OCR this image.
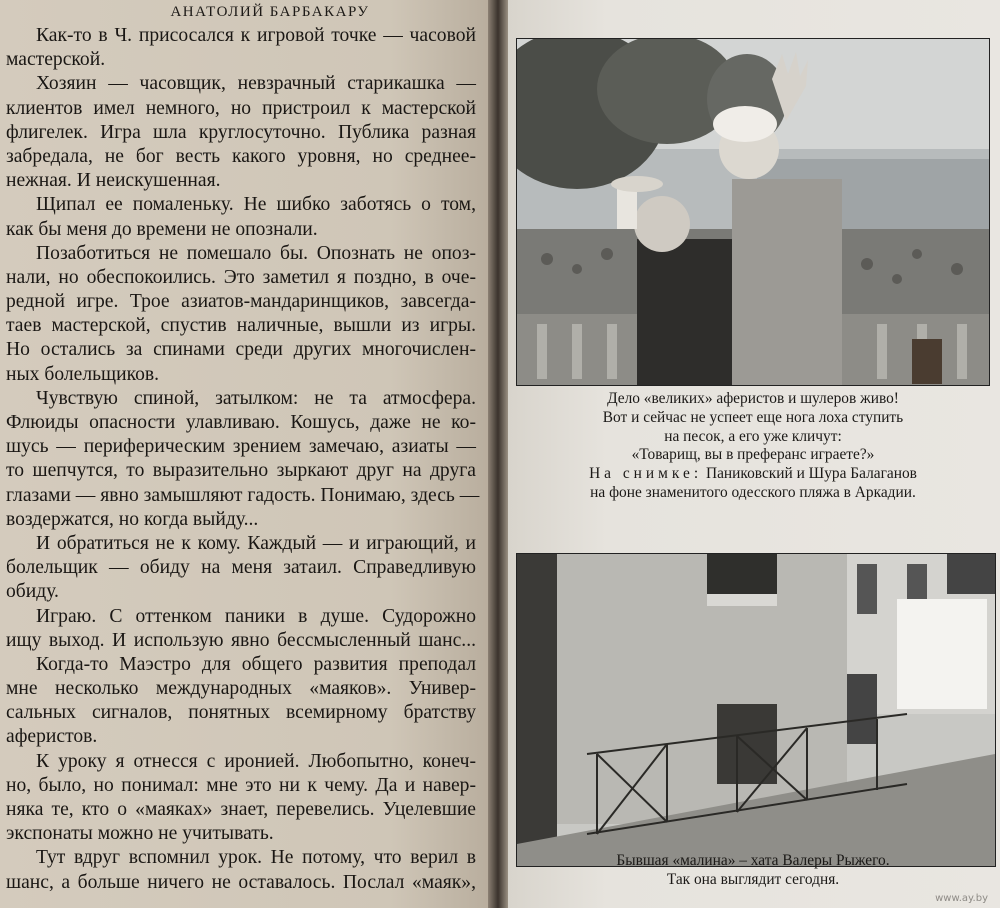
АНАТОЛИЙ БАРБАКАРУ
Как-то в Ч. присосался к игровой точке — часовой
мастерской.
Хозяин — часовщик, невзрачный старикашка —
клиентов имел немного, но пристроил к мастерской
флигелек. Игра шла круглосуточно. Публика разная
забредала, не бог весть какого уровня, но среднее-
нежная. И неискушенная.
Щипал ее помаленьку. Не шибко заботясь о том,
как бы меня до времени не опознали.
Позаботиться не помешало бы. Опознать не опоз-
нали, но обеспокоились. Это заметил я поздно, в оче-
редной игре. Трое азиатов-мандаринщиков, завсегда-
таев мастерской, спустив наличные, вышли из игры.
Но остались за спинами среди других многочислен-
ных болельщиков.
Чувствую спиной, затылком: не та атмосфера.
Флюиды опасности улавливаю. Кошусь, даже не ко-
шусь — периферическим зрением замечаю, азиаты —
то шепчутся, то выразительно зыркают друг на друга
глазами — явно замышляют гадость. Понимаю, здесь —
воздержатся, но когда выйду...
И обратиться не к кому. Каждый — и играющий, и
болельщик — обиду на меня затаил. Справедливую
обиду.
Играю. С оттенком паники в душе. Судорожно
ищу выход. И использую явно бессмысленный шанс...
Когда-то Маэстро для общего развития преподал
мне несколько международных «маяков». Универ-
сальных сигналов, понятных всемирному братству
аферистов.
К уроку я отнесся с иронией. Любопытно, конеч-
но, было, но понимал: мне это ни к чему. Да и навер-
няка те, кто о «маяках» знает, перевелись. Уцелевшие
экспонаты можно не учитывать.
Тут вдруг вспомнил урок. Не потому, что верил в
шанс, а больше ничего не оставалось. Послал «маяк»,
Дело «великих» аферистов и шулеров живо!
Вот и сейчас не успеет еще нога лоха ступить
на песок, а его уже кличут:
«Товарищ, вы в преферанс играете?»
На снимке: Паниковский и Шура Балаганов
на фоне знаменитого одесского пляжа в Аркадии.
Бывшая «малина» – хата Валеры Рыжего.
Так она выглядит сегодня.
www.ay.by
